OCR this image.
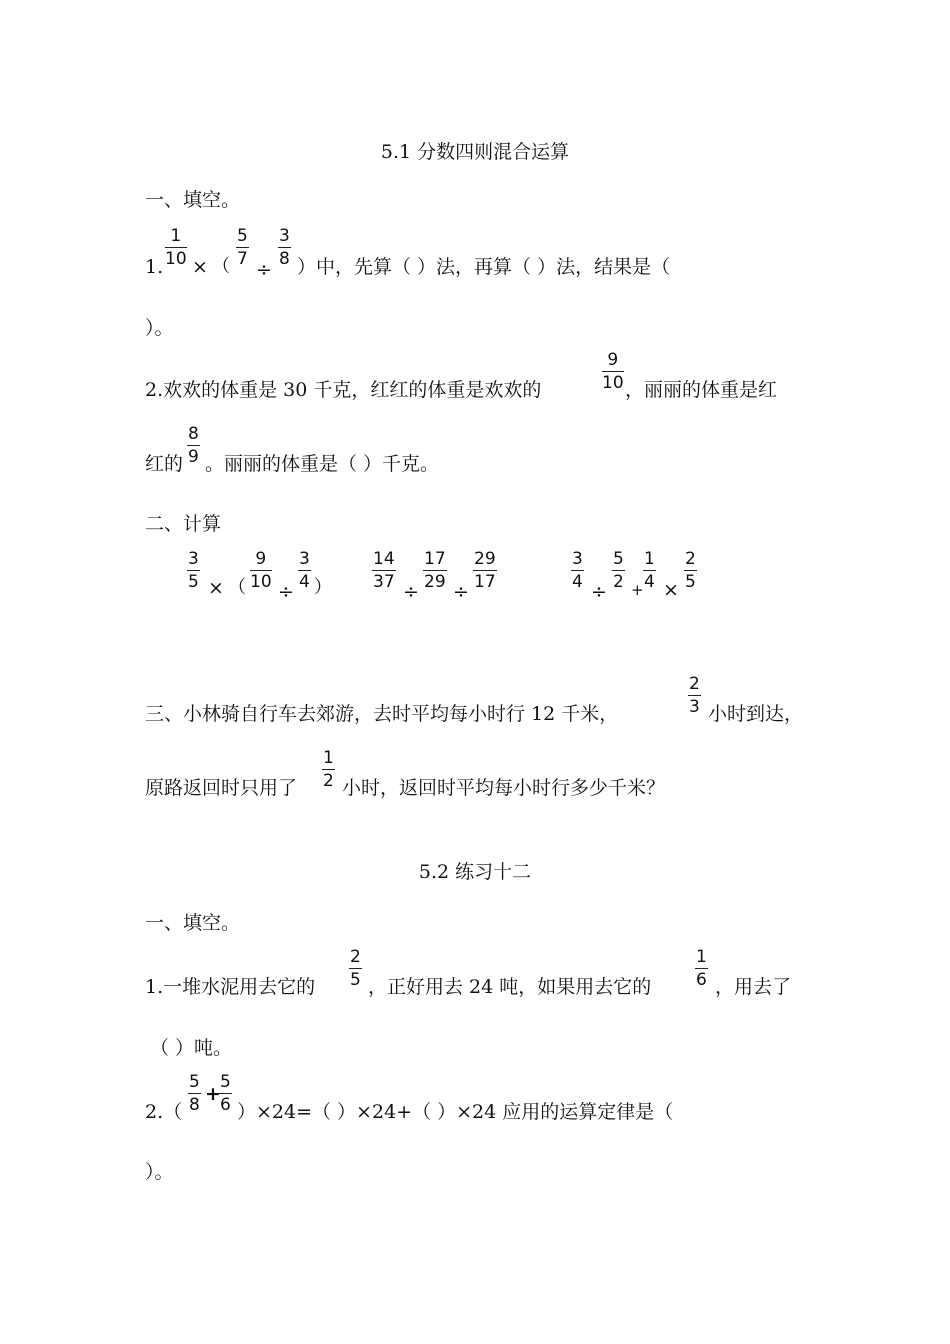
5.1 分数四则混合运算
一、填空。
1.
1
10 × （
5
7 ÷
3
8 ）中，先算（ ）法，再算（ ）法，结果是（
）。
2.欢欢的体重是 30 千克，红红的体重是欢欢的
9
10 ，丽丽的体重是红
红的
8
9 。丽丽的体重是（ ）千克。
二、计算
3
5 × （
9
10 ÷
3
4 ）
14
37 ÷
17
29 ÷
29
17
3
4 ÷
5
2 +
1
4 ×
2
5
三、小林骑自行车去郊游，去时平均每小时行 12 千米，
2
3 小时到达，
原路返回时只用了
1
2 小时，返回时平均每小时行多少千米？
5.2 练习十二
一、填空。
1.一堆水泥用去它的
2
5 ，正好用去 24 吨，如果用去它的
1
6 ，用去了
（ ）吨。
2.（
5
8 +
5
6 ）×24=（ ）×24+（ ）×24 应用的运算定律是（
）。
